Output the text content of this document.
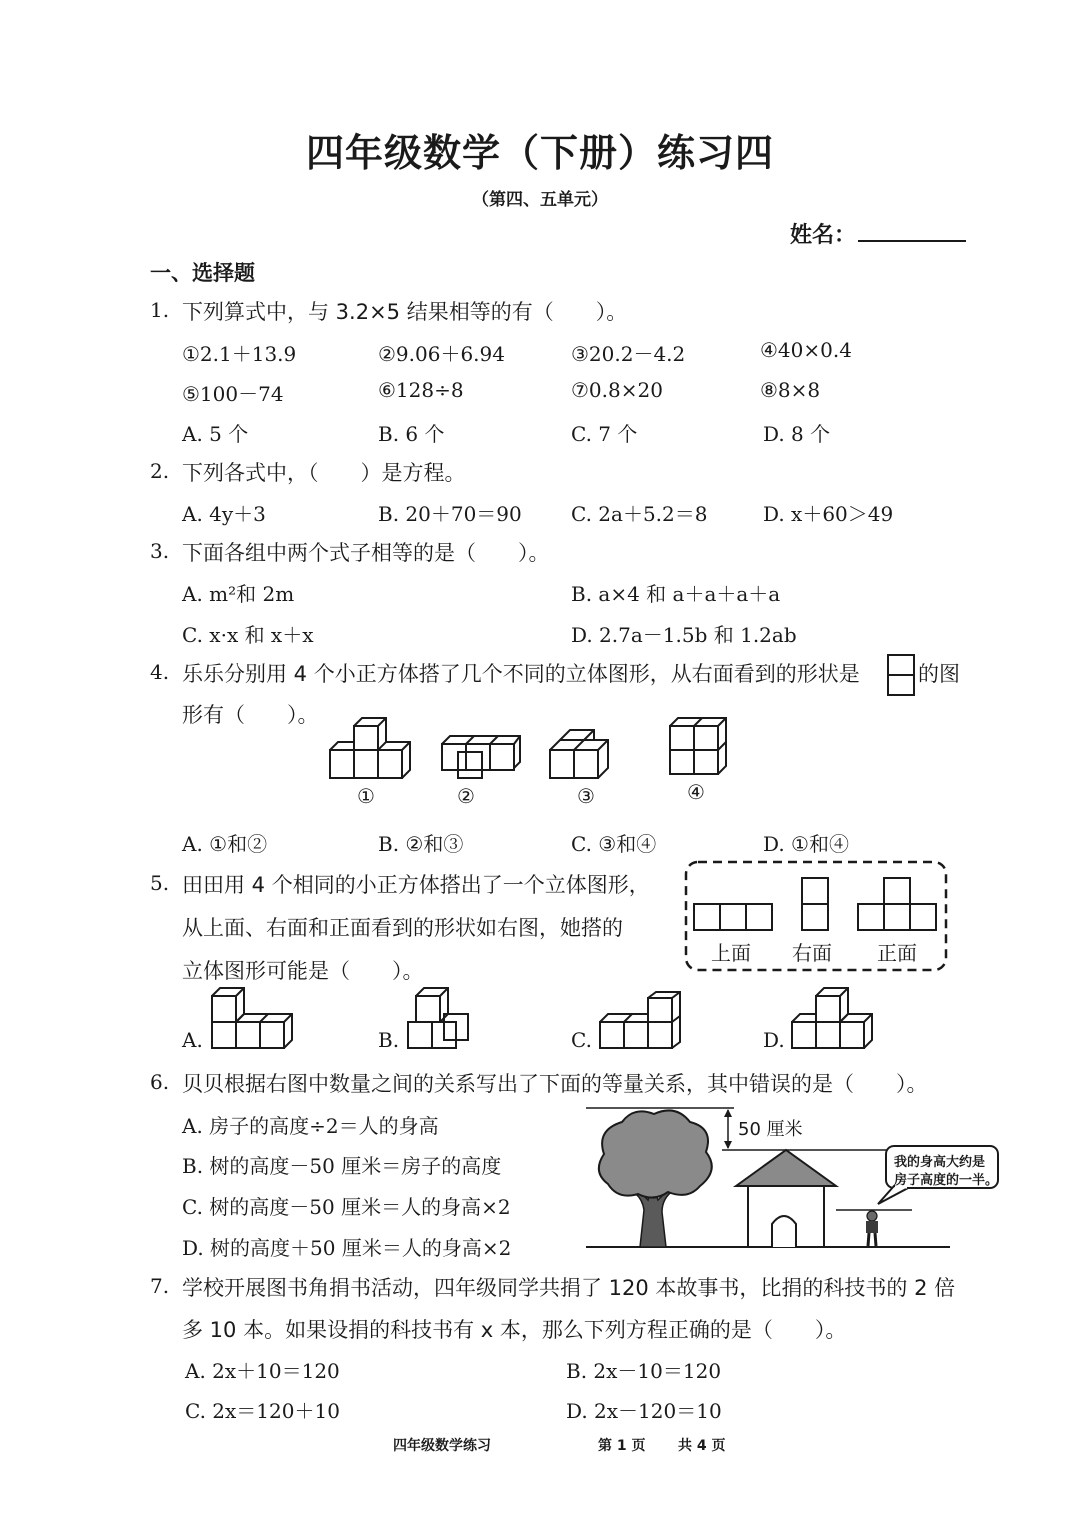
四年级数学（下册）练习四
（第四、五单元）
姓名：
一、选择题
1. 下列算式中，与 3.2×5 结果相等的有（　　）。
①2.1＋13.9	②9.06＋6.94	③20.2－4.2	④40×0.4
⑤100－74	⑥128÷8	⑦0.8×20	⑧8×8
A. 5 个	B. 6 个	C. 7 个	D. 8 个
2. 下列各式中，（　　）是方程。
A. 4y＋3	B. 20＋70＝90 C. 2a＋5.2＝8	D. x＋60＞49
3. 下面各组中两个式子相等的是（　　）。
A. m²和 2m	B. a×4 和 a＋a＋a＋a
C. x·x 和 x＋x	D. 2.7a－1.5b 和 1.2ab
4. 乐乐分别用 4 个小正方体搭了几个不同的立体图形，从右面看到的形状是	的图
形有（　　）。
①	②	③	④
A. ①和②	B. ②和③	C. ③和④	D. ①和④
5. 田田用 4 个相同的小正方体搭出了一个立体图形，
从上面、右面和正面看到的形状如右图，她搭的
立体图形可能是（　　）。
上面 右面 正面
A.	B.	C.	D.
6. 贝贝根据右图中数量之间的关系写出了下面的等量关系，其中错误的是（　　）。
A. 房子的高度÷2＝人的身高
B. 树的高度－50 厘米＝房子的高度
C. 树的高度－50 厘米＝人的身高×2
D. 树的高度＋50 厘米＝人的身高×2
50 厘米
我的身高大约是
房子高度的一半。
7. 学校开展图书角捐书活动，四年级同学共捐了 120 本故事书，比捐的科技书的 2 倍
多 10 本。如果设捐的科技书有 x 本，那么下列方程正确的是（　　）。
A. 2x＋10＝120	B. 2x－10＝120
C. 2x＝120＋10	D. 2x－120＝10
四年级数学练习	第 1 页 共 4 页
